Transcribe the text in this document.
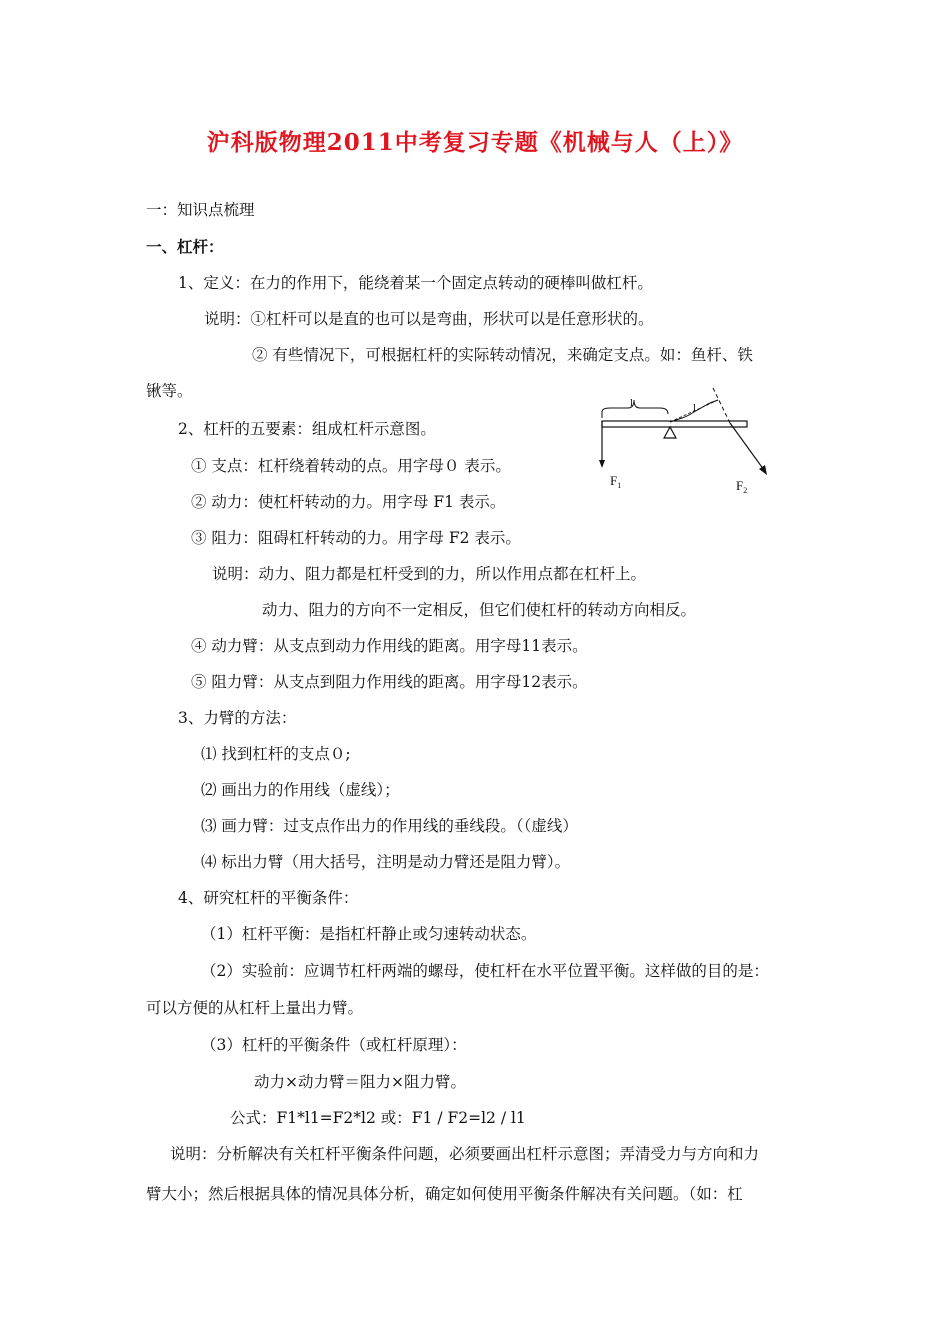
沪科版物理2011中考复习专题《机械与人（上）》
一：知识点梳理
一、杠杆：
1、定义：在力的作用下，能绕着某一个固定点转动的硬棒叫做杠杆。
说明：①杠杆可以是直的也可以是弯曲，形状可以是任意形状的。
② 有些情况下，可根据杠杆的实际转动情况，来确定支点。如：鱼杆、铁
锹等。
2、杠杆的五要素：组成杠杆示意图。
① 支点：杠杆绕着转动的点。用字母０ 表示。
② 动力：使杠杆转动的力。用字母 F1 表示。
③ 阻力：阻碍杠杆转动的力。用字母 F2 表示。
说明：动力、阻力都是杠杆受到的力，所以作用点都在杠杆上。
动力、阻力的方向不一定相反，但它们使杠杆的转动方向相反。
④ 动力臂：从支点到动力作用线的距离。用字母11表示。
⑤ 阻力臂：从支点到阻力作用线的距离。用字母12表示。
3、力臂的方法：
⑴ 找到杠杆的支点０;
⑵ 画出力的作用线（虚线）；
⑶ 画力臂：过支点作出力的作用线的垂线段。（（虚线）
⑷ 标出力臂（用大括号，注明是动力臂还是阻力臂）。
4、研究杠杆的平衡条件：
（1）杠杆平衡：是指杠杆静止或匀速转动状态。
（2）实验前：应调节杠杆两端的螺母，使杠杆在水平位置平衡。这样做的目的是：
可以方便的从杠杆上量出力臂。
（3）杠杆的平衡条件（或杠杆原理）：
动力×动力臂＝阻力×阻力臂。
公式：F1*l1=F2*l2 或：F1 / F2=l2 / l1
说明：分析解决有关杠杆平衡条件问题，必须要画出杠杆示意图；弄清受力与方向和力
臂大小；然后根据具体的情况具体分析，确定如何使用平衡条件解决有关问题。（如：杠
l	l
$F_1$	$F_2$
